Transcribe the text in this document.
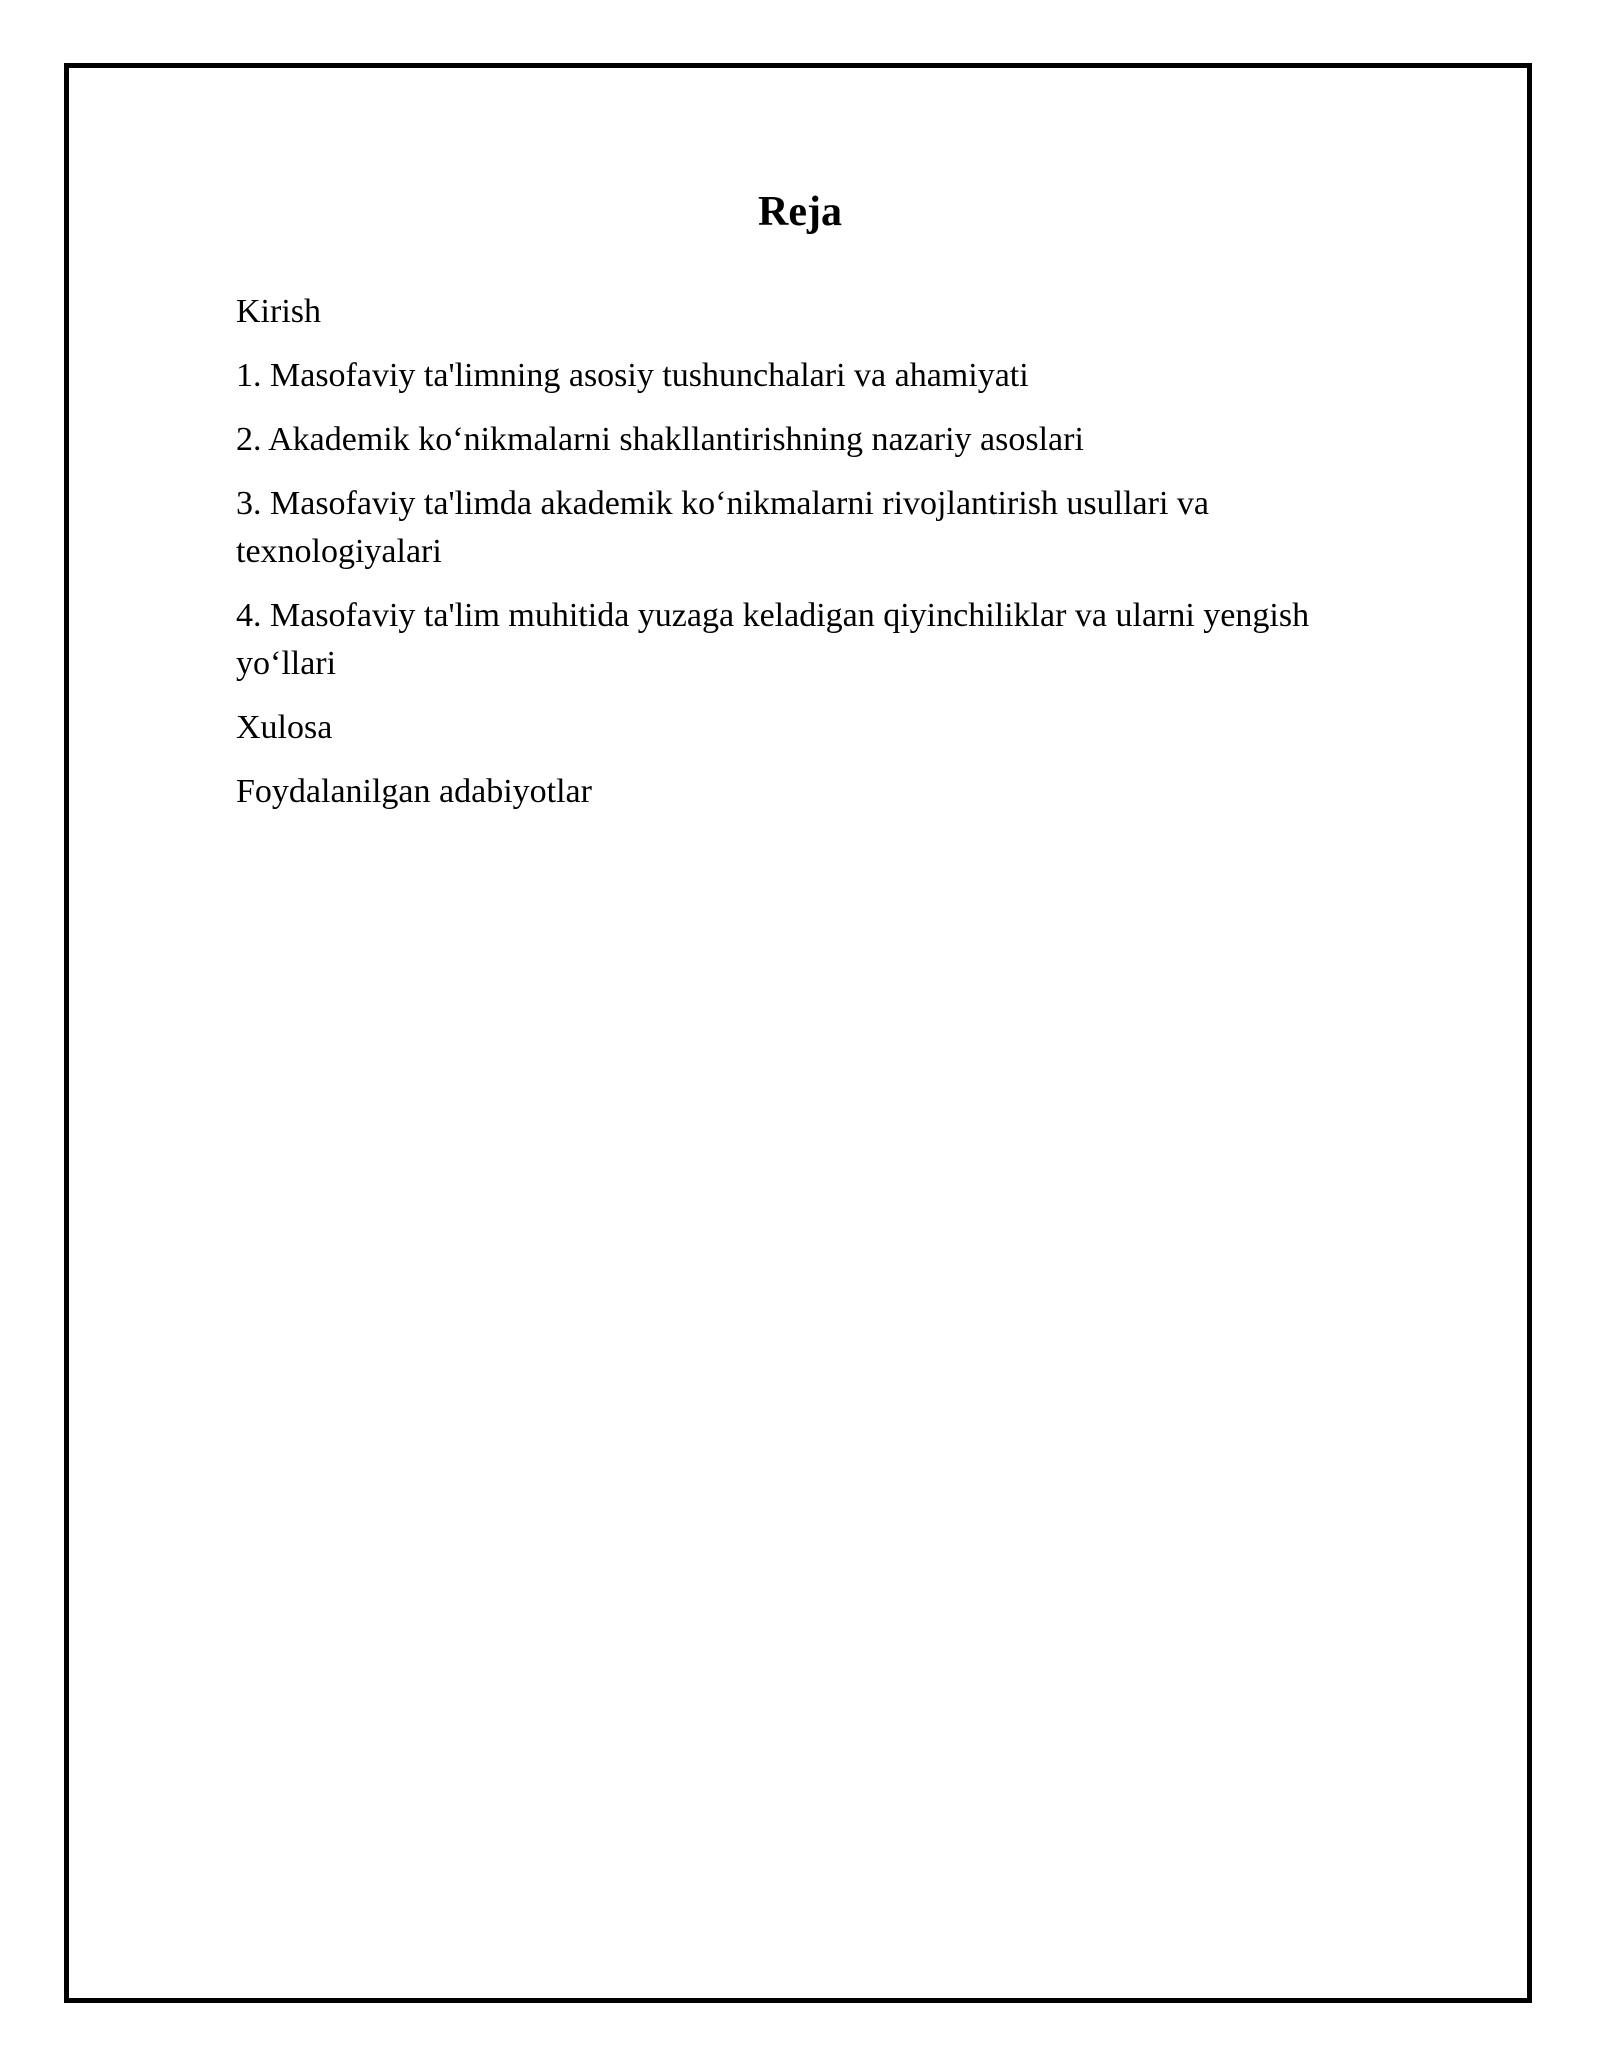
Reja
Kirish
1. Masofaviy ta'limning asosiy tushunchalari va ahamiyati
2. Akademik ko‘nikmalarni shakllantirishning nazariy asoslari
3. Masofaviy ta'limda akademik ko‘nikmalarni rivojlantirish usullari va texnologiyalari
4. Masofaviy ta'lim muhitida yuzaga keladigan qiyinchiliklar va ularni yengish yo‘llari
Xulosa
Foydalanilgan adabiyotlar
